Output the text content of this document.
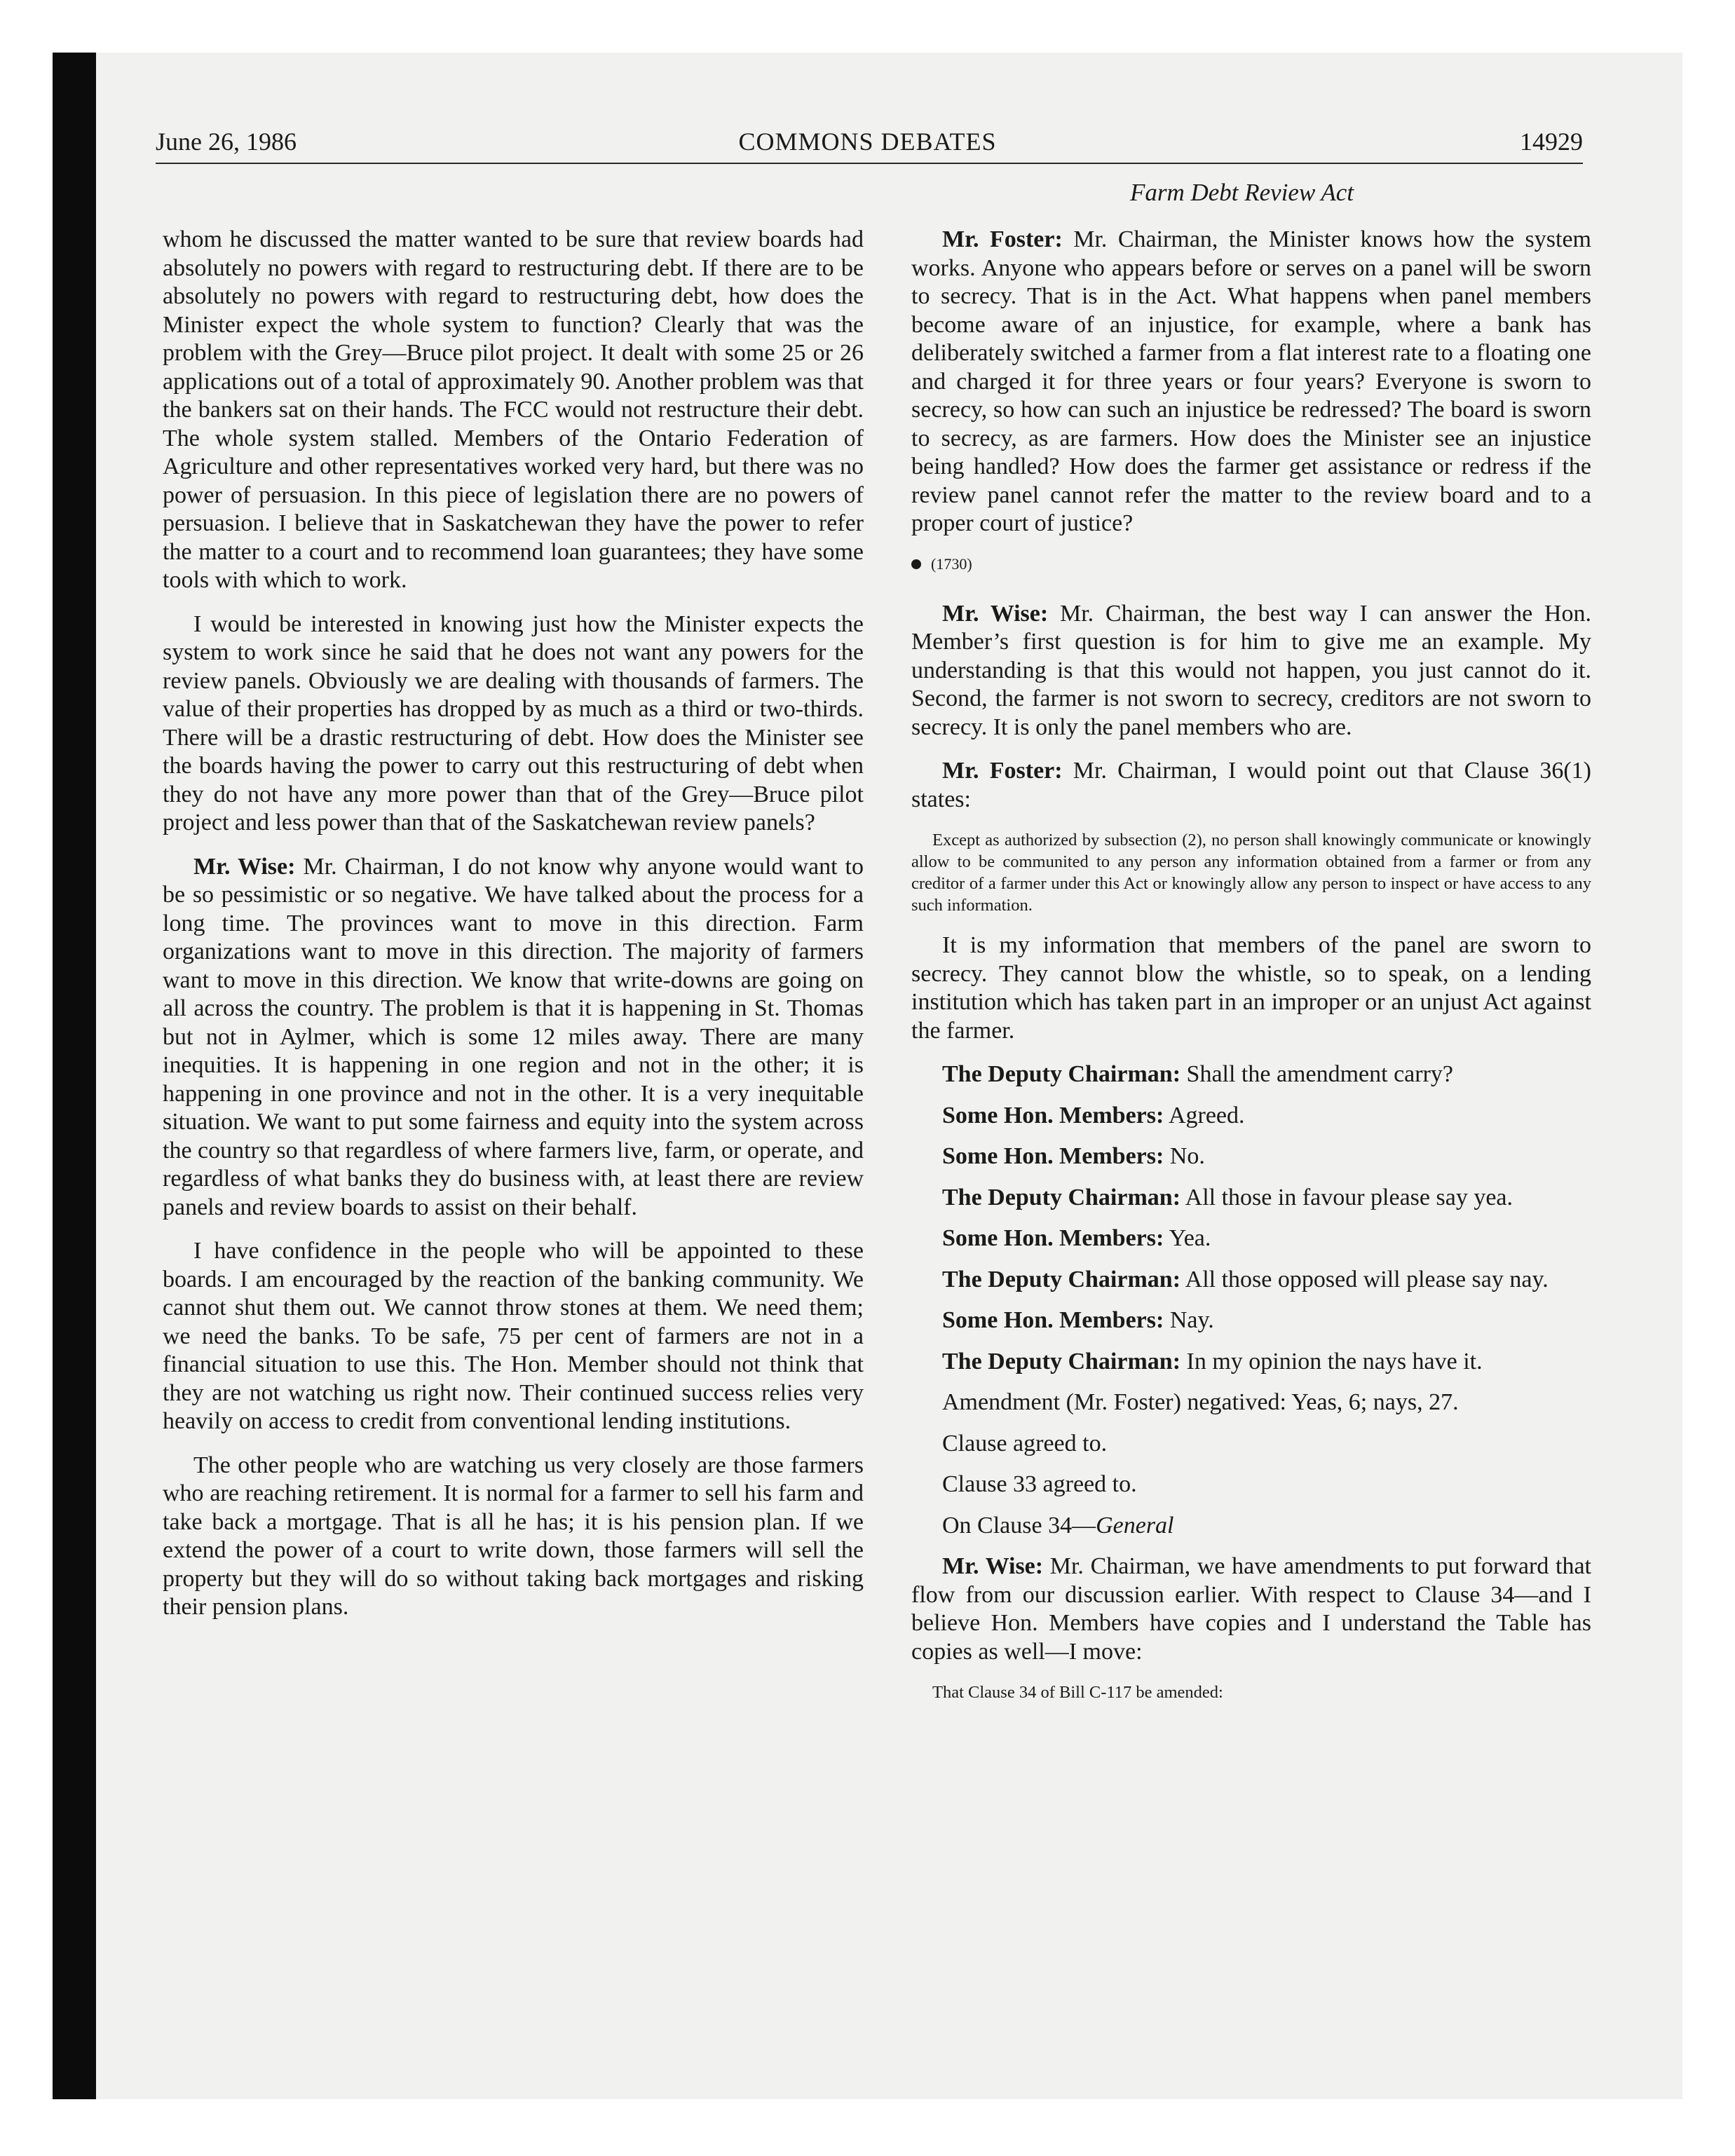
June 26, 1986	COMMONS DEBATES	14929
Farm Debt Review Act

whom he discussed the matter wanted to be sure that review boards had absolutely no powers with regard to restructuring debt. If there are to be absolutely no powers with regard to restructuring debt, how does the Minister expect the whole system to function? Clearly that was the problem with the Grey—Bruce pilot project. It dealt with some 25 or 26 applications out of a total of approximately 90. Another problem was that the bankers sat on their hands. The FCC would not restructure their debt. The whole system stalled. Members of the Ontario Federation of Agriculture and other representatives worked very hard, but there was no power of persuasion. In this piece of legislation there are no powers of persuasion. I believe that in Saskatchewan they have the power to refer the matter to a court and to recommend loan guarantees; they have some tools with which to work.

I would be interested in knowing just how the Minister expects the system to work since he said that he does not want any powers for the review panels. Obviously we are dealing with thousands of farmers. The value of their properties has dropped by as much as a third or two-thirds. There will be a drastic restructuring of debt. How does the Minister see the boards having the power to carry out this restructuring of debt when they do not have any more power than that of the Grey—Bruce pilot project and less power than that of the Saskatchewan review panels?

Mr. Wise: Mr. Chairman, I do not know why anyone would want to be so pessimistic or so negative. We have talked about the process for a long time. The provinces want to move in this direction. Farm organizations want to move in this direction. The majority of farmers want to move in this direction. We know that write-downs are going on all across the country. The problem is that it is happening in St. Thomas but not in Aylmer, which is some 12 miles away. There are many inequities. It is happening in one region and not in the other; it is happening in one province and not in the other. It is a very inequitable situation. We want to put some fairness and equity into the system across the country so that regardless of where farmers live, farm, or operate, and regardless of what banks they do business with, at least there are review panels and review boards to assist on their behalf.

I have confidence in the people who will be appointed to these boards. I am encouraged by the reaction of the banking community. We cannot shut them out. We cannot throw stones at them. We need them; we need the banks. To be safe, 75 per cent of farmers are not in a financial situation to use this. The Hon. Member should not think that they are not watching us right now. Their continued success relies very heavily on access to credit from conventional lending institutions.

The other people who are watching us very closely are those farmers who are reaching retirement. It is normal for a farmer to sell his farm and take back a mortgage. That is all he has; it is his pension plan. If we extend the power of a court to write down, those farmers will sell the property but they will do so without taking back mortgages and risking their pension plans.

Mr. Foster: Mr. Chairman, the Minister knows how the system works. Anyone who appears before or serves on a panel will be sworn to secrecy. That is in the Act. What happens when panel members become aware of an injustice, for example, where a bank has deliberately switched a farmer from a flat interest rate to a floating one and charged it for three years or four years? Everyone is sworn to secrecy, so how can such an injustice be redressed? The board is sworn to secrecy, as are farmers. How does the Minister see an injustice being handled? How does the farmer get assistance or redress if the review panel cannot refer the matter to the review board and to a proper court of justice?

(1730)

Mr. Wise: Mr. Chairman, the best way I can answer the Hon. Member’s first question is for him to give me an example. My understanding is that this would not happen, you just cannot do it. Second, the farmer is not sworn to secrecy, creditors are not sworn to secrecy. It is only the panel members who are.

Mr. Foster: Mr. Chairman, I would point out that Clause 36(1) states:

Except as authorized by subsection (2), no person shall knowingly communicate or knowingly allow to be communited to any person any information obtained from a farmer or from any creditor of a farmer under this Act or knowingly allow any person to inspect or have access to any such information.

It is my information that members of the panel are sworn to secrecy. They cannot blow the whistle, so to speak, on a lending institution which has taken part in an improper or an unjust Act against the farmer.

The Deputy Chairman: Shall the amendment carry?

Some Hon. Members: Agreed.

Some Hon. Members: No.

The Deputy Chairman: All those in favour please say yea.

Some Hon. Members: Yea.

The Deputy Chairman: All those opposed will please say nay.

Some Hon. Members: Nay.

The Deputy Chairman: In my opinion the nays have it.

Amendment (Mr. Foster) negatived: Yeas, 6; nays, 27.

Clause agreed to.

Clause 33 agreed to.

On Clause 34—General

Mr. Wise: Mr. Chairman, we have amendments to put forward that flow from our discussion earlier. With respect to Clause 34—and I believe Hon. Members have copies and I understand the Table has copies as well—I move:

That Clause 34 of Bill C-117 be amended:
